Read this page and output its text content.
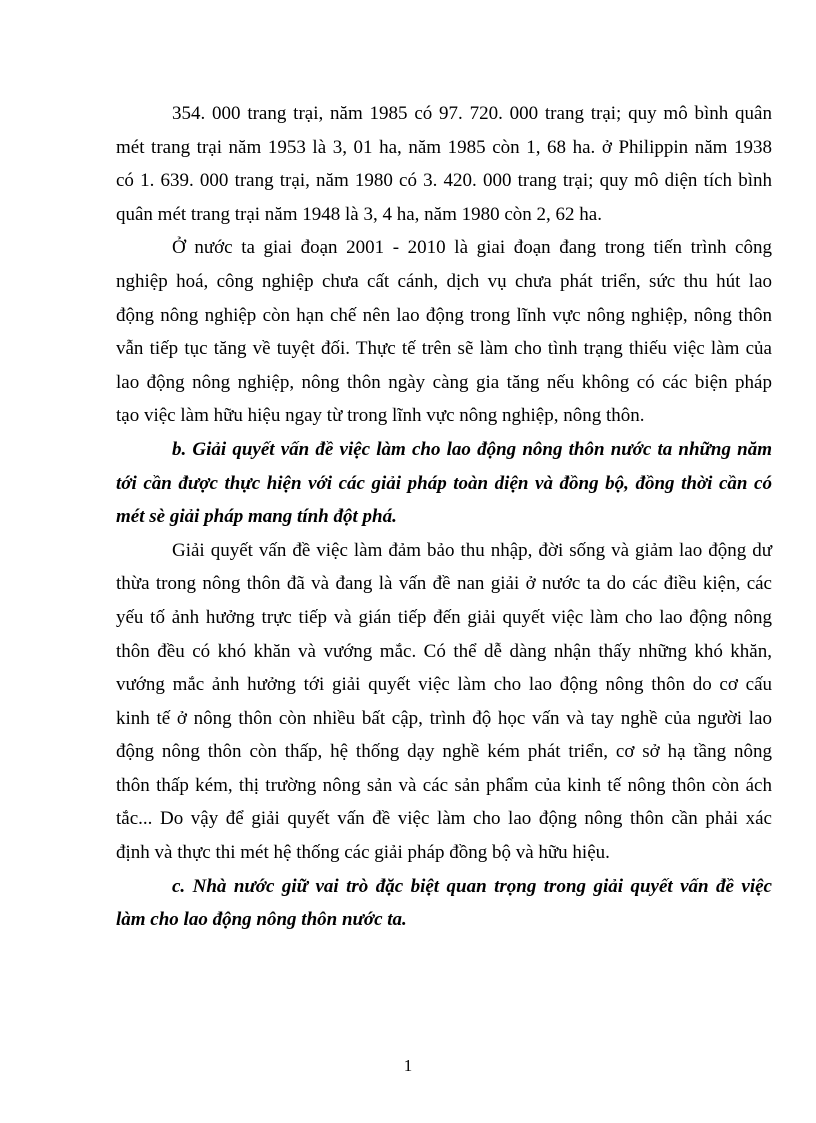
354. 000 trang trại, năm 1985 có 97. 720. 000 trang trại; quy mô bình quân
mét trang trại năm 1953 là 3, 01 ha, năm 1985 còn 1, 68 ha. ở Philippin năm 1938
có 1. 639. 000 trang trại, năm 1980 có 3. 420. 000 trang trại; quy mô diện tích bình
quân mét trang trại năm 1948 là 3, 4 ha, năm 1980 còn 2, 62 ha.
Ở nước ta giai đoạn 2001 - 2010 là giai đoạn đang trong tiến trình công
nghiệp hoá, công nghiệp chưa cất cánh, dịch vụ chưa phát triển, sức thu hút lao
động nông nghiệp còn hạn chế nên lao động trong lĩnh vực nông nghiệp, nông thôn
vẫn tiếp tục tăng về tuyệt đối. Thực tế trên sẽ làm cho tình trạng thiếu việc làm của
lao động nông nghiệp, nông thôn ngày càng gia tăng nếu không có các biện pháp
tạo việc làm hữu hiệu ngay từ trong lĩnh vực nông nghiệp, nông thôn.
b. Giải quyết vấn đề việc làm cho lao động nông thôn nước ta những năm
tới cần được thực hiện với các giải pháp toàn diện và đồng bộ, đồng thời cần có
mét sè giải pháp mang tính đột phá.
Giải quyết vấn đề việc làm đảm bảo thu nhập, đời sống và giảm lao động dư
thừa trong nông thôn đã và đang là vấn đề nan giải ở nước ta do các điều kiện, các
yếu tố ảnh hưởng trực tiếp và gián tiếp đến giải quyết việc làm cho lao động nông
thôn đều có khó khăn và vướng mắc. Có thể dễ dàng nhận thấy những khó khăn,
vướng mắc ảnh hưởng tới giải quyết việc làm cho lao động nông thôn do cơ cấu
kinh tế ở nông thôn còn nhiều bất cập, trình độ học vấn và tay nghề của người lao
động nông thôn còn thấp, hệ thống dạy nghề kém phát triển, cơ sở hạ tầng nông
thôn thấp kém, thị trường nông sản và các sản phẩm của kinh tế nông thôn còn ách
tắc... Do vậy để giải quyết vấn đề việc làm cho lao động nông thôn cần phải xác
định và thực thi mét hệ thống các giải pháp đồng bộ và hữu hiệu.
c. Nhà nước giữ vai trò đặc biệt quan trọng trong giải quyết vấn đề việc
làm cho lao động nông thôn nước ta.
1
